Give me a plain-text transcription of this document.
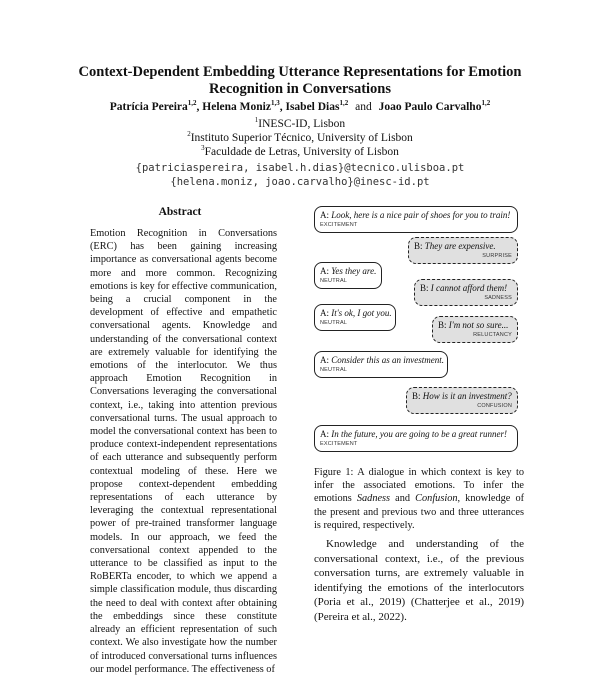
Context-Dependent Embedding Utterance Representations for Emotion
Recognition in Conversations
Patrícia Pereira$^{1,2}$, Helena Moniz$^{1,3}$, Isabel Dias$^{1,2}$ and Joao Paulo Carvalho$^{1,2}$
$^1$INESC-ID, Lisbon
$^2$Instituto Superior Técnico, University of Lisbon
$^3$Faculdade de Letras, University of Lisbon
{patriciaspereira, isabel.h.dias}@tecnico.ulisboa.pt
{helena.moniz, joao.carvalho}@inesc-id.pt
Abstract
Emotion Recognition in Conversations (ERC) has been gaining increasing importance as conversational agents become more and more common. Recognizing emotions is key for effective communication, being a crucial component in the development of effective and empathetic conversational agents. Knowledge and understanding of the conversational context are extremely valuable for identifying the emotions of the interlocutor. We thus approach Emotion Recognition in Conversations leveraging the conversational context, i.e., taking into attention previous conversational turns. The usual approach to model the conversational context has been to produce context-independent representations of each utterance and subsequently perform contextual modeling of these. Here we propose context-dependent embedding representations of each utterance by leveraging the contextual representational power of pre-trained transformer language models. In our approach, we feed the conversational context appended to the utterance to be classified as input to the RoBERTa encoder, to which we append a simple classification module, thus discarding the need to deal with context after obtaining the embeddings since these constitute already an efficient representation of such context. We also investigate how the number of introduced conversational turns influences our model performance. The effectiveness of
A: Look, here is a nice pair of shoes for you to train!
EXCITEMENT
B: They are expensive.
SURPRISE
A: Yes they are.
NEUTRAL
B: I cannot afford them!
SADNESS
A: It's ok, I got you.
NEUTRAL	B: I'm not so sure...
RELUCTANCY
A: Consider this as an investment.
NEUTRAL
B: How is it an investment?
CONFUSION
A: In the future, you are going to be a great runner!
EXCITEMENT
Figure 1: A dialogue in which context is key to infer the associated emotions. To infer the emotions Sadness and Confusion, knowledge of the present and previous two and three utterances is required, respectively.
Knowledge and understanding of the conversational context, i.e., of the previous conversation turns, are extremely valuable in identifying the emotions of the interlocutors (Poria et al., 2019) (Chatterjee et al., 2019) (Pereira et al., 2022).
